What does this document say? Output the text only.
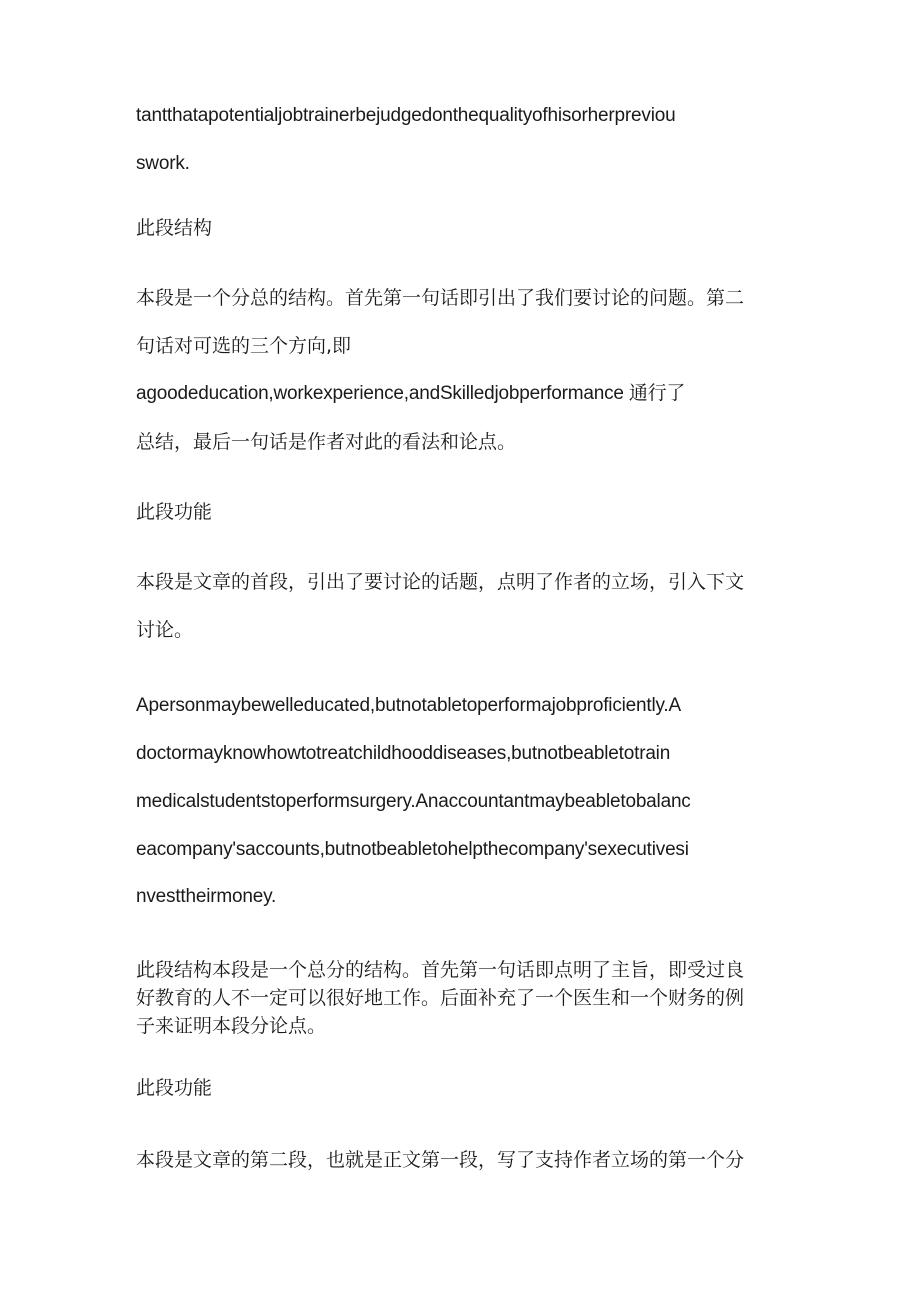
tantthatapotentialjobtrainerbejudgedonthequalityofhisorherpreviou
swork.
此段结构
本段是一个分总的结构。首先第一句话即引出了我们要讨论的问题。第二
句话对可选的三个方向,即
agoodeducation,workexperience,andSkilledjobperformance 通行了
总结，最后一句话是作者对此的看法和论点。
此段功能
本段是文章的首段，引出了要讨论的话题，点明了作者的立场，引入下文
讨论。
Apersonmaybewelleducated,butnotabletoperformajobproficiently.A
doctormayknowhowtotreatchildhooddiseases,butnotbeabletotrain
medicalstudentstoperformsurgery.Anaccountantmaybeabletobalanc
eacompany'saccounts,butnotbeabletohelpthecompany'sexecutivesi
nvesttheirmoney.
此段结构本段是一个总分的结构。首先第一句话即点明了主旨，即受过良
好教育的人不一定可以很好地工作。后面补充了一个医生和一个财务的例
子来证明本段分论点。
此段功能
本段是文章的第二段，也就是正文第一段，写了支持作者立场的第一个分
